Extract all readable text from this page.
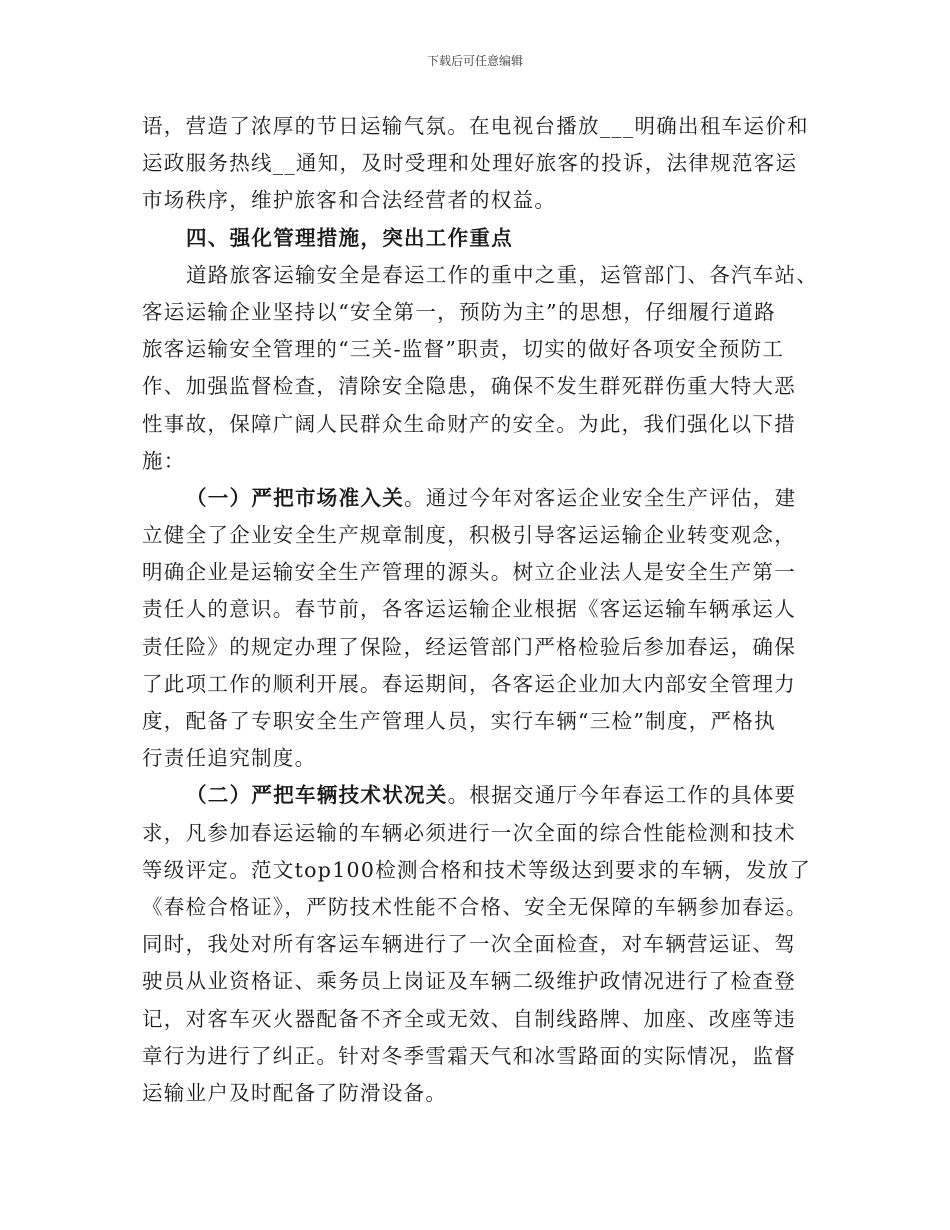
下载后可任意编辑
语，营造了浓厚的节日运输气氛。在电视台播放___明确出租车运价和
运政服务热线__通知，及时受理和处理好旅客的投诉，法律规范客运
市场秩序，维护旅客和合法经营者的权益。
四、强化管理措施，突出工作重点
道路旅客运输安全是春运工作的重中之重，运管部门、各汽车站、
客运运输企业坚持以“安全第一，预防为主”的思想，仔细履行道路
旅客运输安全管理的“三关-监督”职责，切实的做好各项安全预防工
作、加强监督检查，清除安全隐患，确保不发生群死群伤重大特大恶
性事故，保障广阔人民群众生命财产的安全。为此，我们强化以下措
施：
（一）严把市场准入关。通过今年对客运企业安全生产评估，建
立健全了企业安全生产规章制度，积极引导客运运输企业转变观念，
明确企业是运输安全生产管理的源头。树立企业法人是安全生产第一
责任人的意识。春节前，各客运运输企业根据《客运运输车辆承运人
责任险》的规定办理了保险，经运管部门严格检验后参加春运，确保
了此项工作的顺利开展。春运期间，各客运企业加大内部安全管理力
度，配备了专职安全生产管理人员，实行车辆“三检”制度，严格执
行责任追究制度。
（二）严把车辆技术状况关。根据交通厅今年春运工作的具体要
求，凡参加春运运输的车辆必须进行一次全面的综合性能检测和技术
等级评定。范文top100检测合格和技术等级达到要求的车辆，发放了
《春检合格证》，严防技术性能不合格、安全无保障的车辆参加春运。
同时，我处对所有客运车辆进行了一次全面检查，对车辆营运证、驾
驶员从业资格证、乘务员上岗证及车辆二级维护政情况进行了检查登
记，对客车灭火器配备不齐全或无效、自制线路牌、加座、改座等违
章行为进行了纠正。针对冬季雪霜天气和冰雪路面的实际情况，监督
运输业户及时配备了防滑设备。
